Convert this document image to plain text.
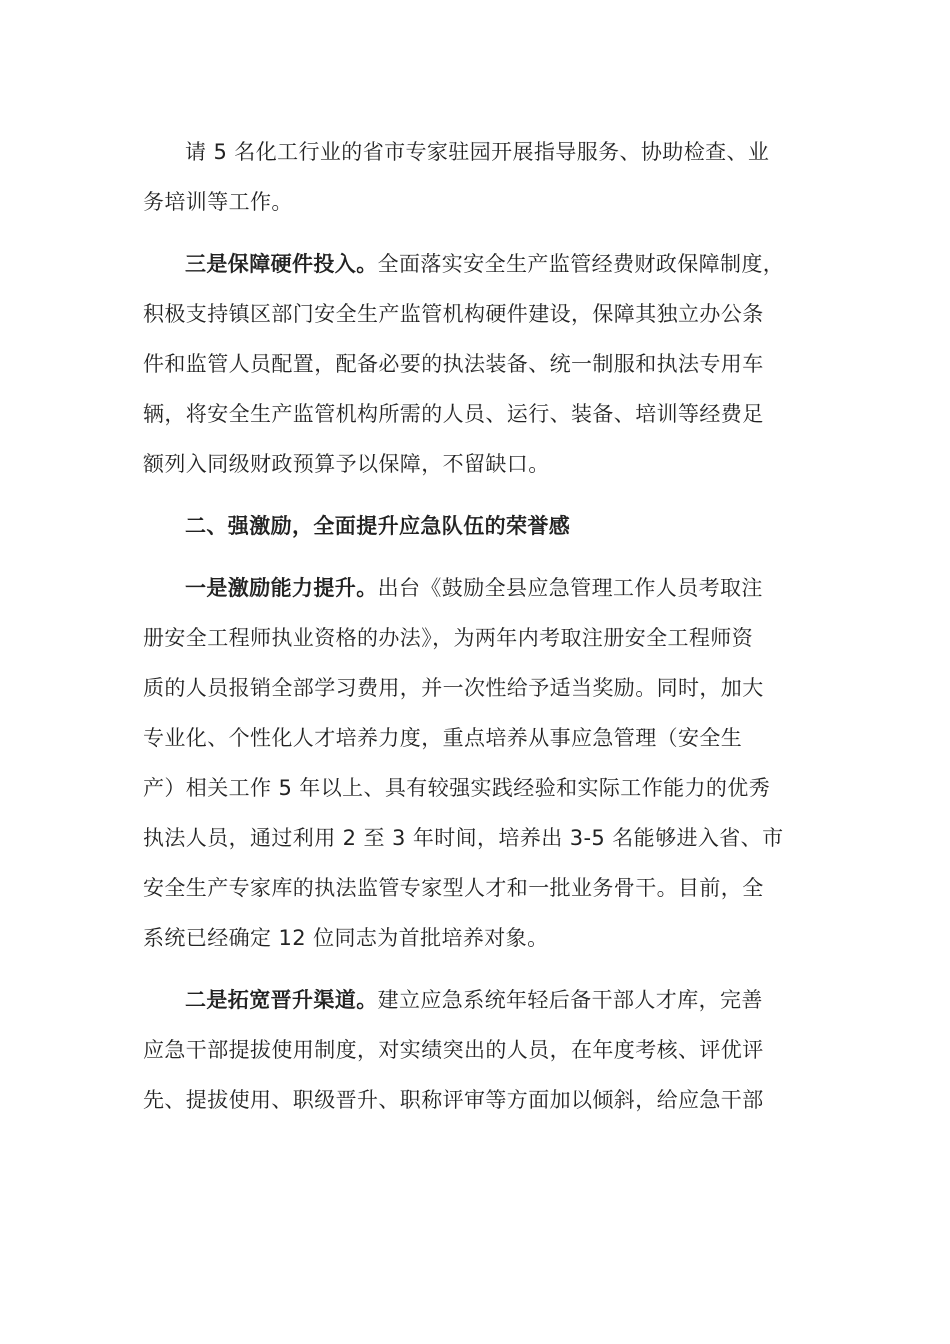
请 5 名化工行业的省市专家驻园开展指导服务、协助检查、业
务培训等工作。
三是保障硬件投入。全面落实安全生产监管经费财政保障制度，
积极支持镇区部门安全生产监管机构硬件建设，保障其独立办公条
件和监管人员配置，配备必要的执法装备、统一制服和执法专用车
辆，将安全生产监管机构所需的人员、运行、装备、培训等经费足
额列入同级财政预算予以保障，不留缺口。
二、强激励，全面提升应急队伍的荣誉感
一是激励能力提升。出台《鼓励全县应急管理工作人员考取注
册安全工程师执业资格的办法》，为两年内考取注册安全工程师资
质的人员报销全部学习费用，并一次性给予适当奖励。同时，加大
专业化、个性化人才培养力度，重点培养从事应急管理（安全生
产）相关工作 5 年以上、具有较强实践经验和实际工作能力的优秀
执法人员，通过利用 2 至 3 年时间，培养出 3-5 名能够进入省、市
安全生产专家库的执法监管专家型人才和一批业务骨干。目前，全
系统已经确定 12 位同志为首批培养对象。
二是拓宽晋升渠道。建立应急系统年轻后备干部人才库，完善
应急干部提拔使用制度，对实绩突出的人员，在年度考核、评优评
先、提拔使用、职级晋升、职称评审等方面加以倾斜，给应急干部
